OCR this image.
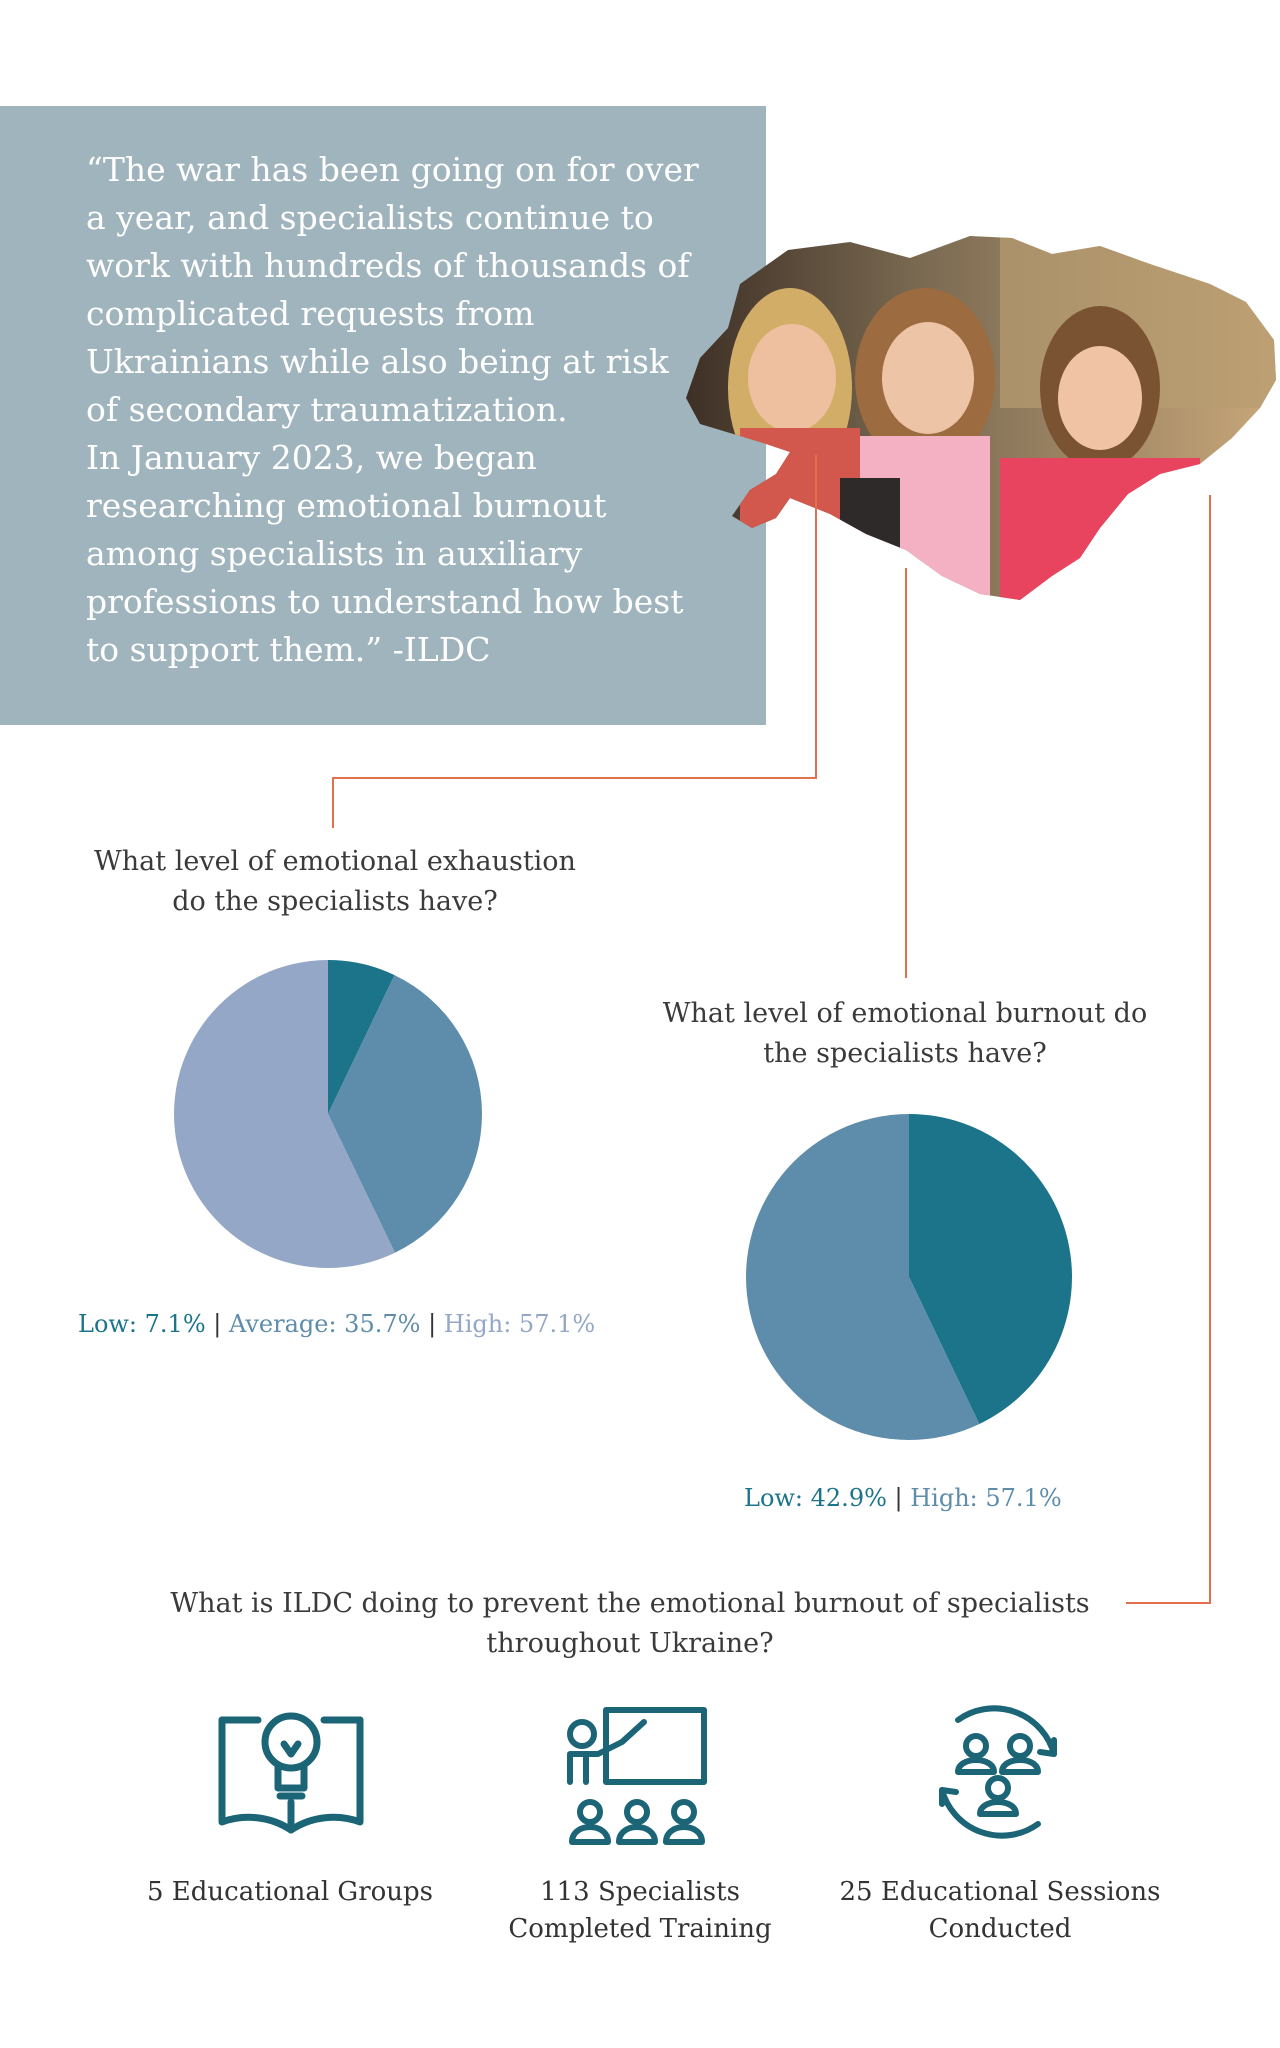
“The war has been going on for over
a year, and specialists continue to
work with hundreds of thousands of
complicated requests from
Ukrainians while also being at risk
of secondary traumatization.
In January 2023, we began
researching emotional burnout
among specialists in auxiliary
professions to understand how best
to support them.” -ILDC
What level of emotional exhaustion
do the specialists have?
Low: 7.1% | Average: 35.7% | High: 57.1%
What level of emotional burnout do
the specialists have?
Low: 42.9% | High: 57.1%
What is ILDC doing to prevent the emotional burnout of specialists
throughout Ukraine?
5 Educational Groups	113 Specialists
Completed Training
25 Educational Sessions
Conducted
